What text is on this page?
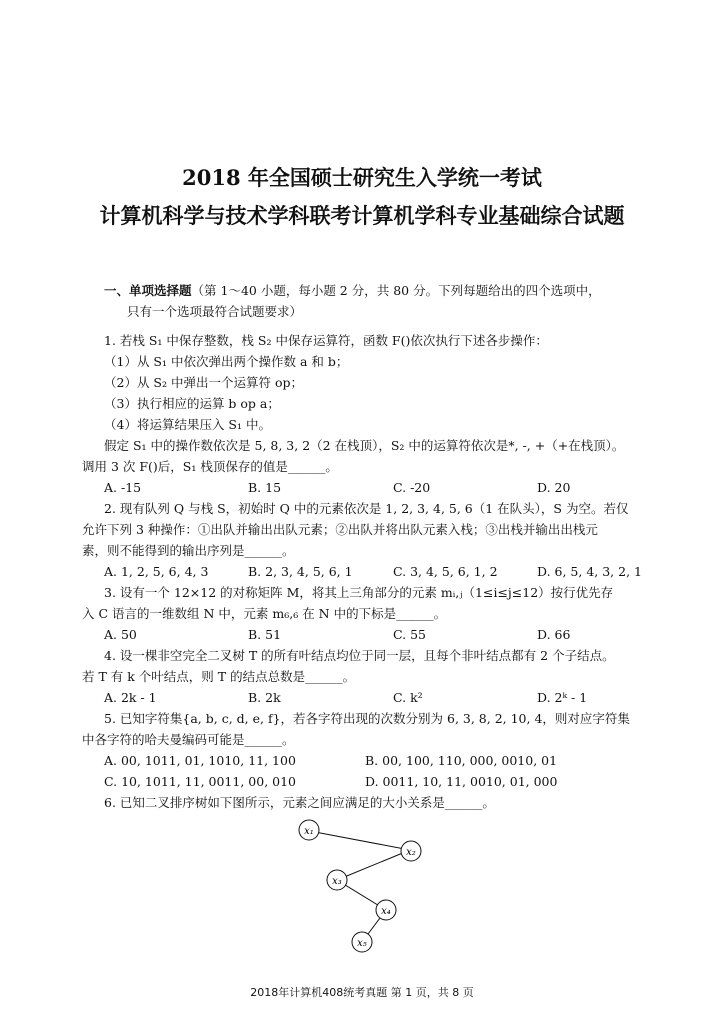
2018 年全国硕士研究生入学统一考试
计算机科学与技术学科联考计算机学科专业基础综合试题
一、单项选择题（第 1～40 小题，每小题 2 分，共 80 分。下列每题给出的四个选项中，
只有一个选项最符合试题要求）
1. 若栈 S₁ 中保存整数，栈 S₂ 中保存运算符，函数 F()依次执行下述各步操作：
（1）从 S₁ 中依次弹出两个操作数 a 和 b；
（2）从 S₂ 中弹出一个运算符 op；
（3）执行相应的运算 b op a；
（4）将运算结果压入 S₁ 中。
假定 S₁ 中的操作数依次是 5, 8, 3, 2（2 在栈顶），S₂ 中的运算符依次是*, -, +（+在栈顶）。
调用 3 次 F()后，S₁ 栈顶保存的值是______。
A. -15	B. 15	C. -20	D. 20
2. 现有队列 Q 与栈 S，初始时 Q 中的元素依次是 1, 2, 3, 4, 5, 6（1 在队头），S 为空。若仅
允许下列 3 种操作：①出队并输出出队元素；②出队并将出队元素入栈；③出栈并输出出栈元
素，则不能得到的输出序列是______。
A. 1, 2, 5, 6, 4, 3	B. 2, 3, 4, 5, 6, 1	C. 3, 4, 5, 6, 1, 2	D. 6, 5, 4, 3, 2, 1
3. 设有一个 12×12 的对称矩阵 M，将其上三角部分的元素 mᵢ,ⱼ（1≤i≤j≤12）按行优先存
入 C 语言的一维数组 N 中，元素 m₆,₆ 在 N 中的下标是______。
A. 50	B. 51	C. 55	D. 66
4. 设一棵非空完全二叉树 T 的所有叶结点均位于同一层，且每个非叶结点都有 2 个子结点。
若 T 有 k 个叶结点，则 T 的结点总数是______。
A. 2k - 1	B. 2k	C. k²	D. 2ᵏ - 1
5. 已知字符集{a, b, c, d, e, f}，若各字符出现的次数分别为 6, 3, 8, 2, 10, 4，则对应字符集
中各字符的哈夫曼编码可能是______。
A. 00, 1011, 01, 1010, 11, 100	B. 00, 100, 110, 000, 0010, 01
C. 10, 1011, 11, 0011, 00, 010	D. 0011, 10, 11, 0010, 01, 000
6. 已知二叉排序树如下图所示，元素之间应满足的大小关系是______。
x₁
x₂
x₃
x₄
x₅
2018年计算机408统考真题 第 1 页，共 8 页
